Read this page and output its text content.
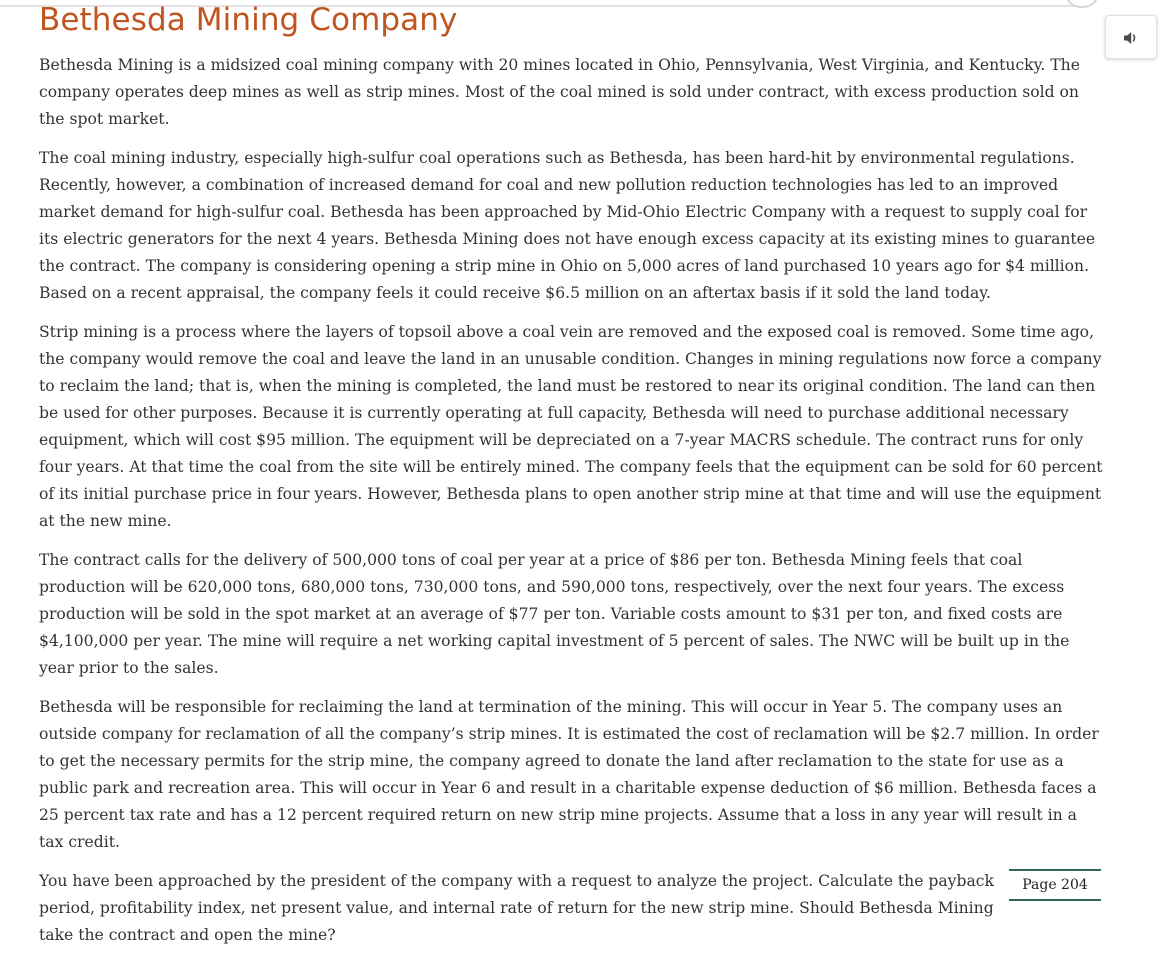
Bethesda Mining Company

Bethesda Mining is a midsized coal mining company with 20 mines located in Ohio, Pennsylvania, West Virginia, and Kentucky. The company operates deep mines as well as strip mines. Most of the coal mined is sold under contract, with excess production sold on the spot market.

The coal mining industry, especially high-sulfur coal operations such as Bethesda, has been hard-hit by environmental regulations. Recently, however, a combination of increased demand for coal and new pollution reduction technologies has led to an improved market demand for high-sulfur coal. Bethesda has been approached by Mid-Ohio Electric Company with a request to supply coal for its electric generators for the next 4 years. Bethesda Mining does not have enough excess capacity at its existing mines to guarantee the contract. The company is considering opening a strip mine in Ohio on 5,000 acres of land purchased 10 years ago for $4 million. Based on a recent appraisal, the company feels it could receive $6.5 million on an aftertax basis if it sold the land today.

Strip mining is a process where the layers of topsoil above a coal vein are removed and the exposed coal is removed. Some time ago, the company would remove the coal and leave the land in an unusable condition. Changes in mining regulations now force a company to reclaim the land; that is, when the mining is completed, the land must be restored to near its original condition. The land can then be used for other purposes. Because it is currently operating at full capacity, Bethesda will need to purchase additional necessary equipment, which will cost $95 million. The equipment will be depreciated on a 7-year MACRS schedule. The contract runs for only four years. At that time the coal from the site will be entirely mined. The company feels that the equipment can be sold for 60 percent of its initial purchase price in four years. However, Bethesda plans to open another strip mine at that time and will use the equipment at the new mine.

The contract calls for the delivery of 500,000 tons of coal per year at a price of $86 per ton. Bethesda Mining feels that coal production will be 620,000 tons, 680,000 tons, 730,000 tons, and 590,000 tons, respectively, over the next four years. The excess production will be sold in the spot market at an average of $77 per ton. Variable costs amount to $31 per ton, and fixed costs are $4,100,000 per year. The mine will require a net working capital investment of 5 percent of sales. The NWC will be built up in the year prior to the sales.

Bethesda will be responsible for reclaiming the land at termination of the mining. This will occur in Year 5. The company uses an outside company for reclamation of all the company’s strip mines. It is estimated the cost of reclamation will be $2.7 million. In order to get the necessary permits for the strip mine, the company agreed to donate the land after reclamation to the state for use as a public park and recreation area. This will occur in Year 6 and result in a charitable expense deduction of $6 million. Bethesda faces a 25 percent tax rate and has a 12 percent required return on new strip mine projects. Assume that a loss in any year will result in a tax credit.

Page 204

You have been approached by the president of the company with a request to analyze the project. Calculate the payback period, profitability index, net present value, and internal rate of return for the new strip mine. Should Bethesda Mining take the contract and open the mine?
